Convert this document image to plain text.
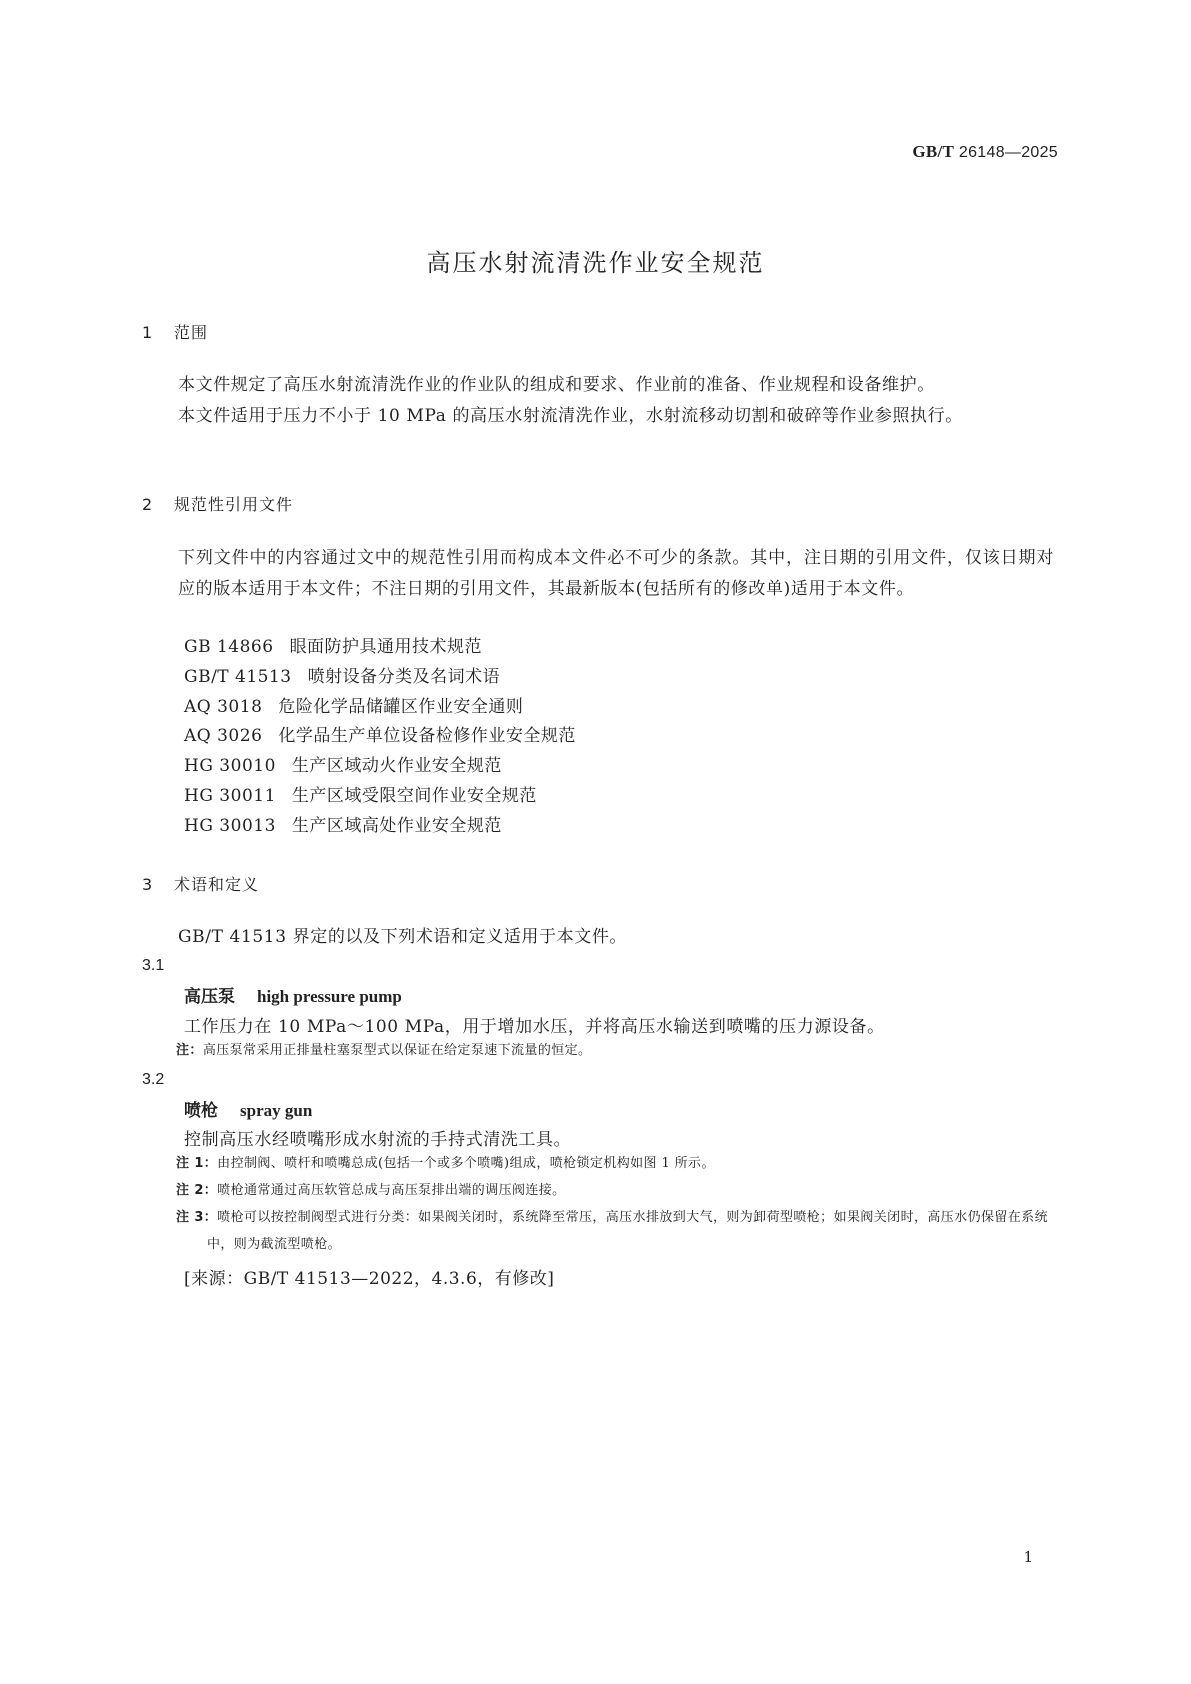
GB/T 26148—2025
高压水射流清洗作业安全规范
1 范围
本文件规定了高压水射流清洗作业的作业队的组成和要求、作业前的准备、作业规程和设备维护。
本文件适用于压力不小于 10 MPa 的高压水射流清洗作业，水射流移动切割和破碎等作业参照执行。
2 规范性引用文件
下列文件中的内容通过文中的规范性引用而构成本文件必不可少的条款。其中，注日期的引用文件，仅该日期对应的版本适用于本文件；不注日期的引用文件，其最新版本(包括所有的修改单)适用于本文件。
GB 14866 眼面防护具通用技术规范
GB/T 41513 喷射设备分类及名词术语
AQ 3018 危险化学品储罐区作业安全通则
AQ 3026 化学品生产单位设备检修作业安全规范
HG 30010 生产区域动火作业安全规范
HG 30011 生产区域受限空间作业安全规范
HG 30013 生产区域高处作业安全规范
3 术语和定义
GB/T 41513 界定的以及下列术语和定义适用于本文件。
3.1
高压泵 high pressure pump
工作压力在 10 MPa～100 MPa，用于增加水压，并将高压水输送到喷嘴的压力源设备。
注：高压泵常采用正排量柱塞泵型式以保证在给定泵速下流量的恒定。
3.2
喷枪 spray gun
控制高压水经喷嘴形成水射流的手持式清洗工具。
注 1：由控制阀、喷杆和喷嘴总成(包括一个或多个喷嘴)组成，喷枪锁定机构如图 1 所示。
注 2：喷枪通常通过高压软管总成与高压泵排出端的调压阀连接。
注 3：喷枪可以按控制阀型式进行分类：如果阀关闭时，系统降至常压，高压水排放到大气，则为卸荷型喷枪；如果阀关闭时，高压水仍保留在系统中，则为截流型喷枪。
[来源：GB/T 41513—2022，4.3.6，有修改]
1
